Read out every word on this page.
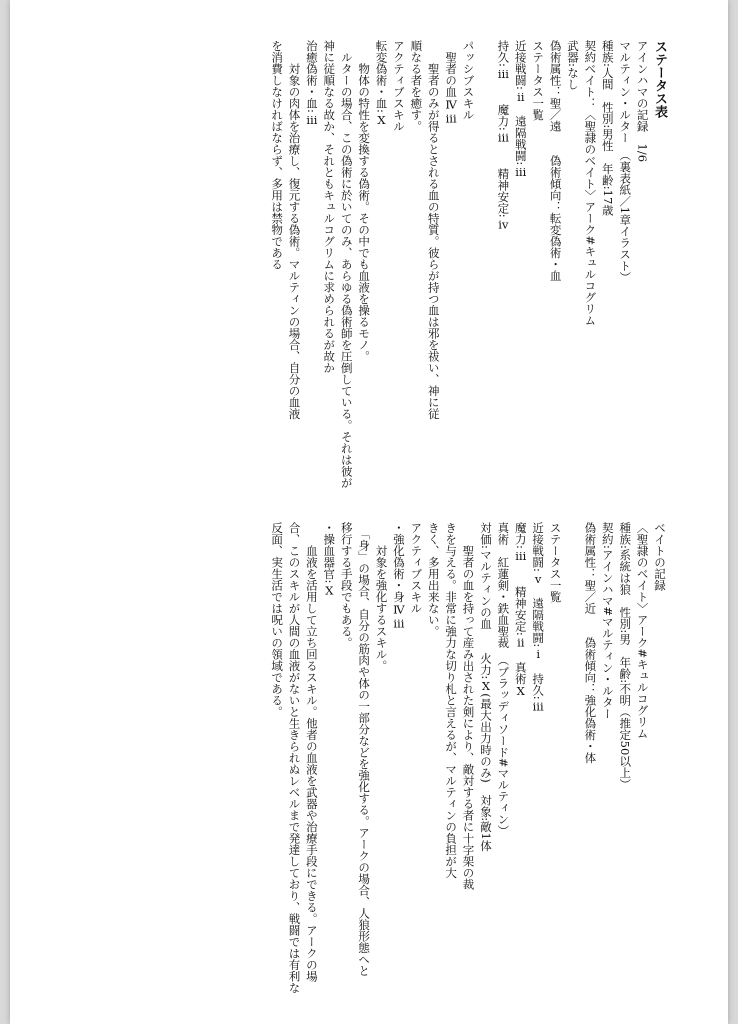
ステータス表
アインハマの記録　1/6
マルティン・ルター　（裏表紙／1章イラスト）
種族:人間　性別:男性　年齢:17歳
契約ベイト：〈聖隷のベイト〉アーク#キュルコグリム
武器:なし
偽術属性：聖／遠　　偽術傾向：転変偽術・血
ステータス一覧
近接戦闘:ⅱ　遠隔戦闘:ⅲ
持久:ⅲ　　魔力:ⅲ　　精神安定:ⅳ

パッシブスキル
　聖者の血Ⅳⅲ
　　聖者のみが得るとされる血の特質。彼らが持つ血は邪を祓い、神に従
順なる者を癒す。
アクティブスキル
転変偽術・血:Ⅹ
　　物体の特性を変換する偽術。その中でも血液を操るモノ。
　ルターの場合、この偽術に於いてのみ、あらゆる偽術師を圧倒している。それは彼が
神に従順なる故か、それともキュルコグリムに求められるが故か
治癒偽術・血:ⅲ
　　対象の肉体を治療し、復元する偽術。マルティンの場合、自分の血液
を消費しなければならず、多用は禁物である
ベイトの記録
〈聖隷のベイト〉アーク#キュルコグリム
種族:系統は狼　性別:男　年齢:不明（推定50以上）
契約:アインハマ#マルティン・ルター
偽術属性：聖／近　　偽術傾向：強化偽術・体

ステータス一覧
近接戦闘:ⅴ　遠隔戦闘:ⅰ　持久:ⅲ
魔力:ⅲ　　精神安定:ⅱ　真術Ⅹ
真術　紅蓮剣・鉄血聖裁　（ブラッディソード#マルティン）
対価:マルティンの血　　火力:Ⅹ(最大出力時のみ)　対象:敵1体
　　聖者の血を持って産み出された剣により、敵対する者に十字架の裁
きを与える。非常に強力な切り札と言えるが、マルティンの負担が大
きく、多用出来ない。
アクティブスキル
・強化偽術・身Ⅳⅲ
　　対象を強化するスキル。
　「身」の場合、自分の筋肉や体の一部分などを強化する。アークの場合、人狼形態へと
移行する手段でもある。
・操血器官:Ⅹ
　　血液を活用して立ち回るスキル。他者の血液を武器や治療手段にできる。アークの場
合、このスキルが人間の血液がないと生きられぬレベルまで発達しており、戦闘では有利な
反面、実生活では呪いの領域である。
